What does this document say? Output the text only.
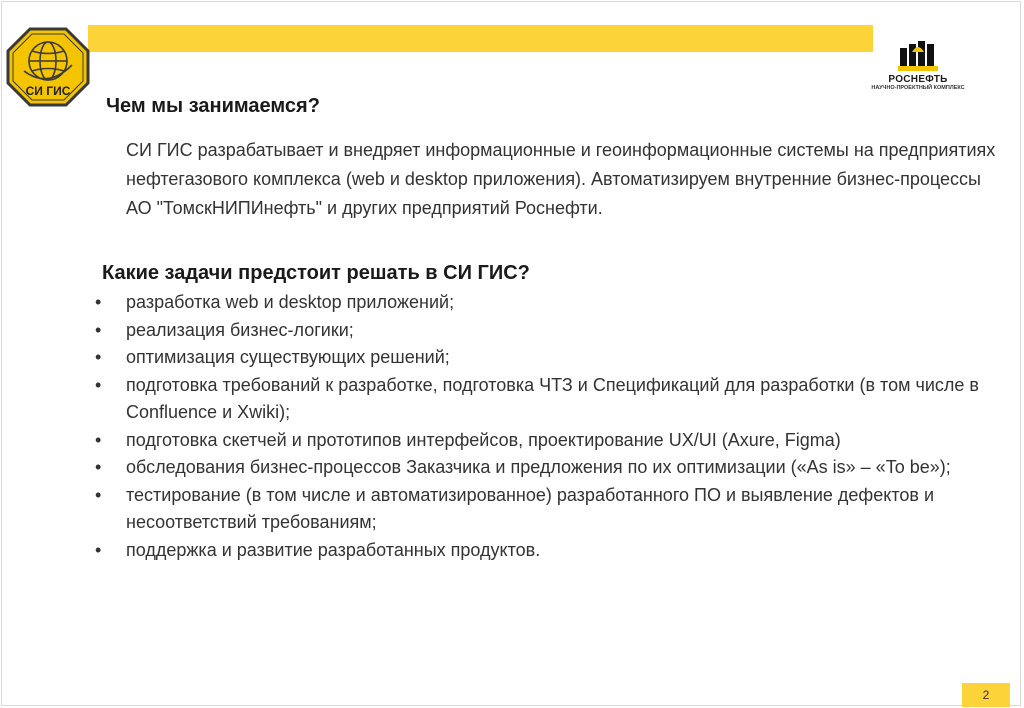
СИ ГИС
РОСНЕФТЬ
НАУЧНО-ПРОЕКТНЫЙ КОМПЛЕКС
Чем мы занимаемся?
СИ ГИС разрабатывает и внедряет информационные и геоинформационные системы на предприятиях нефтегазового комплекса (web и desktop приложения). Автоматизируем внутренние бизнес-процессы АО "ТомскНИПИнефть" и других предприятий Роснефти.
Какие задачи предстоит решать в СИ ГИС?
• разработка web и desktop приложений;
• реализация бизнес-логики;
• оптимизация существующих решений;
• подготовка требований к разработке, подготовка ЧТЗ и Спецификаций для разработки (в том числе в Confluence и Xwiki);
• подготовка скетчей и прототипов интерфейсов, проектирование UX/UI (Axure, Figma)
• обследования бизнес-процессов Заказчика и предложения по их оптимизации («As is» – «To be»);
• тестирование (в том числе и автоматизированное) разработанного ПО и выявление дефектов и несоответствий требованиям;
• поддержка и развитие разработанных продуктов.
2
